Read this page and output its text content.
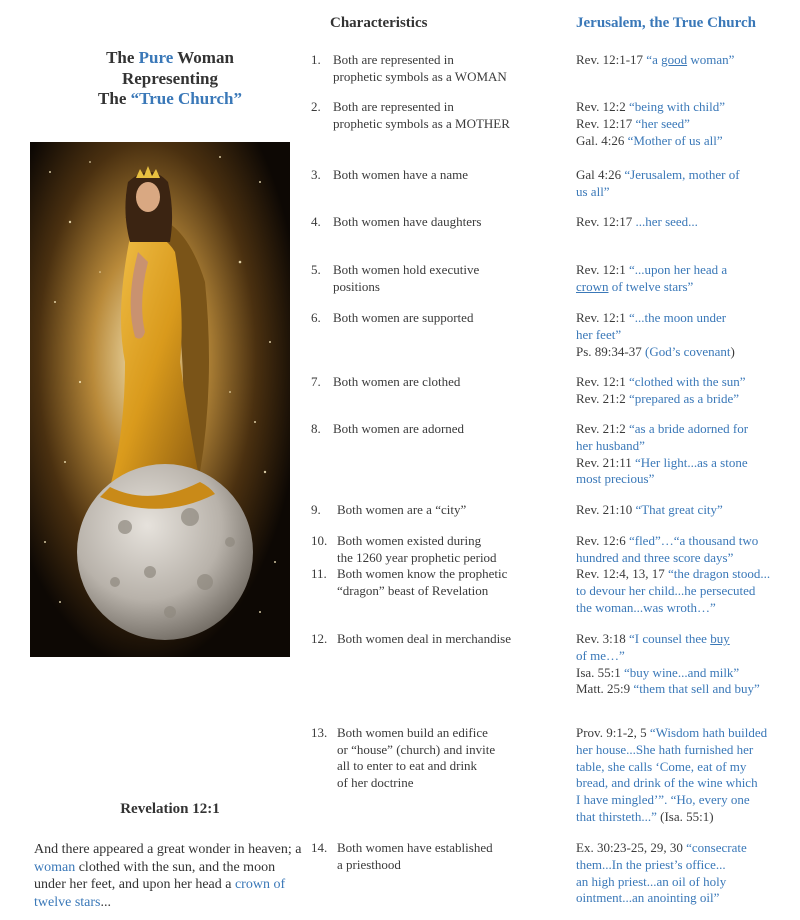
The Pure Woman
Representing
The “True Church”
Revelation 12:1
And there appeared a great wonder in heaven; a woman clothed with the sun, and the moon under her feet, and upon her head a crown of twelve stars...
Characteristics	Jerusalem, the True Church
1. Both are represented in
prophetic symbols as a WOMAN
2. Both are represented in
prophetic symbols as a MOTHER
3. Both women have a name
4. Both women have daughters
5. Both women hold executive
positions
6. Both women are supported
7. Both women are clothed
8. Both women are adorned
9. Both women are a “city”
10. Both women existed during
the 1260 year prophetic period
11. Both women know the prophetic
“dragon” beast of Revelation
12. Both women deal in merchandise
13. Both women build an edifice
or “house” (church) and invite
all to enter to eat and drink
of her doctrine
14. Both women have established
a priesthood
Rev. 12:1-17 “a good woman”
Rev. 12:2 “being with child”
Rev. 12:17 “her seed”
Gal. 4:26 “Mother of us all”
Gal 4:26 “Jerusalem, mother of
us all”
Rev. 12:17 ...her seed...
Rev. 12:1 “...upon her head a
crown of twelve stars”
Rev. 12:1 “...the moon under
her feet”
Ps. 89:34-37 (God’s covenant)
Rev. 12:1 “clothed with the sun”
Rev. 21:2 “prepared as a bride”
Rev. 21:2 “as a bride adorned for
her husband”
Rev. 21:11 “Her light...as a stone
most precious”
Rev. 21:10 “That great city”
Rev. 12:6 “fled”…“a thousand two
hundred and three score days”
Rev. 12:4, 13, 17 “the dragon stood...
to devour her child...he persecuted
the woman...was wroth…”
Rev. 3:18 “I counsel thee buy
of me…”
Isa. 55:1 “buy wine...and milk”
Matt. 25:9 “them that sell and buy”
Prov. 9:1-2, 5 “Wisdom hath builded
her house...She hath furnished her
table, she calls ‘Come, eat of my
bread, and drink of the wine which
I have mingled’”. “Ho, every one
that thirsteth...” (Isa. 55:1)
Ex. 30:23-25, 29, 30 “consecrate
them...In the priest’s office...
an high priest...an oil of holy
ointment...an anointing oil”
